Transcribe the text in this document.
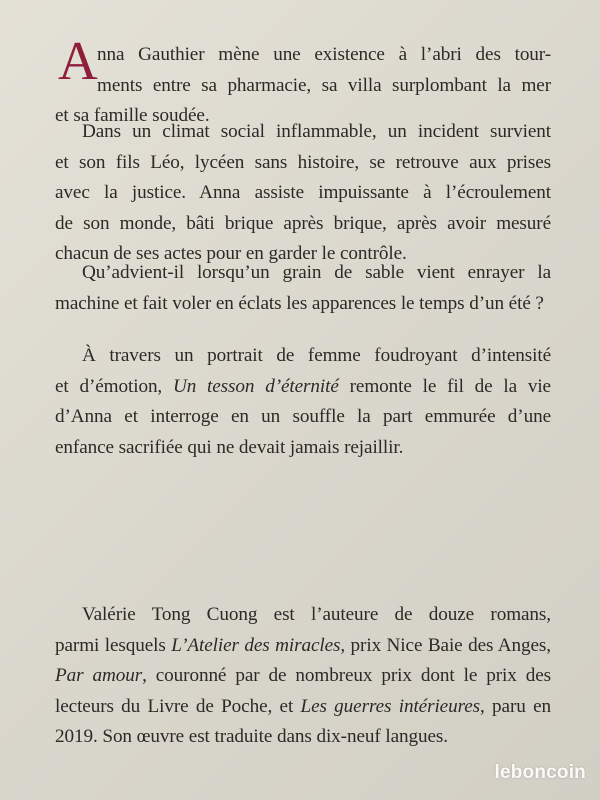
A nna Gauthier mène une existence à l’abri des tour-
ments entre sa pharmacie, sa villa surplombant la mer
et sa famille soudée.
Dans un climat social inflammable, un incident survient
et son fils Léo, lycéen sans histoire, se retrouve aux prises
avec la justice. Anna assiste impuissante à l’écroulement
de son monde, bâti brique après brique, après avoir mesuré
chacun de ses actes pour en garder le contrôle.
Qu’advient-il lorsqu’un grain de sable vient enrayer la
machine et fait voler en éclats les apparences le temps d’un été ?
À travers un portrait de femme foudroyant d’intensité
et d’émotion, Un tesson d’éternité remonte le fil de la vie
d’Anna et interroge en un souffle la part emmurée d’une
enfance sacrifiée qui ne devait jamais rejaillir.
Valérie Tong Cuong est l’auteure de douze romans,
parmi lesquels L’Atelier des miracles, prix Nice Baie des Anges,
Par amour, couronné par de nombreux prix dont le prix des
lecteurs du Livre de Poche, et Les guerres intérieures, paru en
2019. Son œuvre est traduite dans dix-neuf langues.
leboncoin
